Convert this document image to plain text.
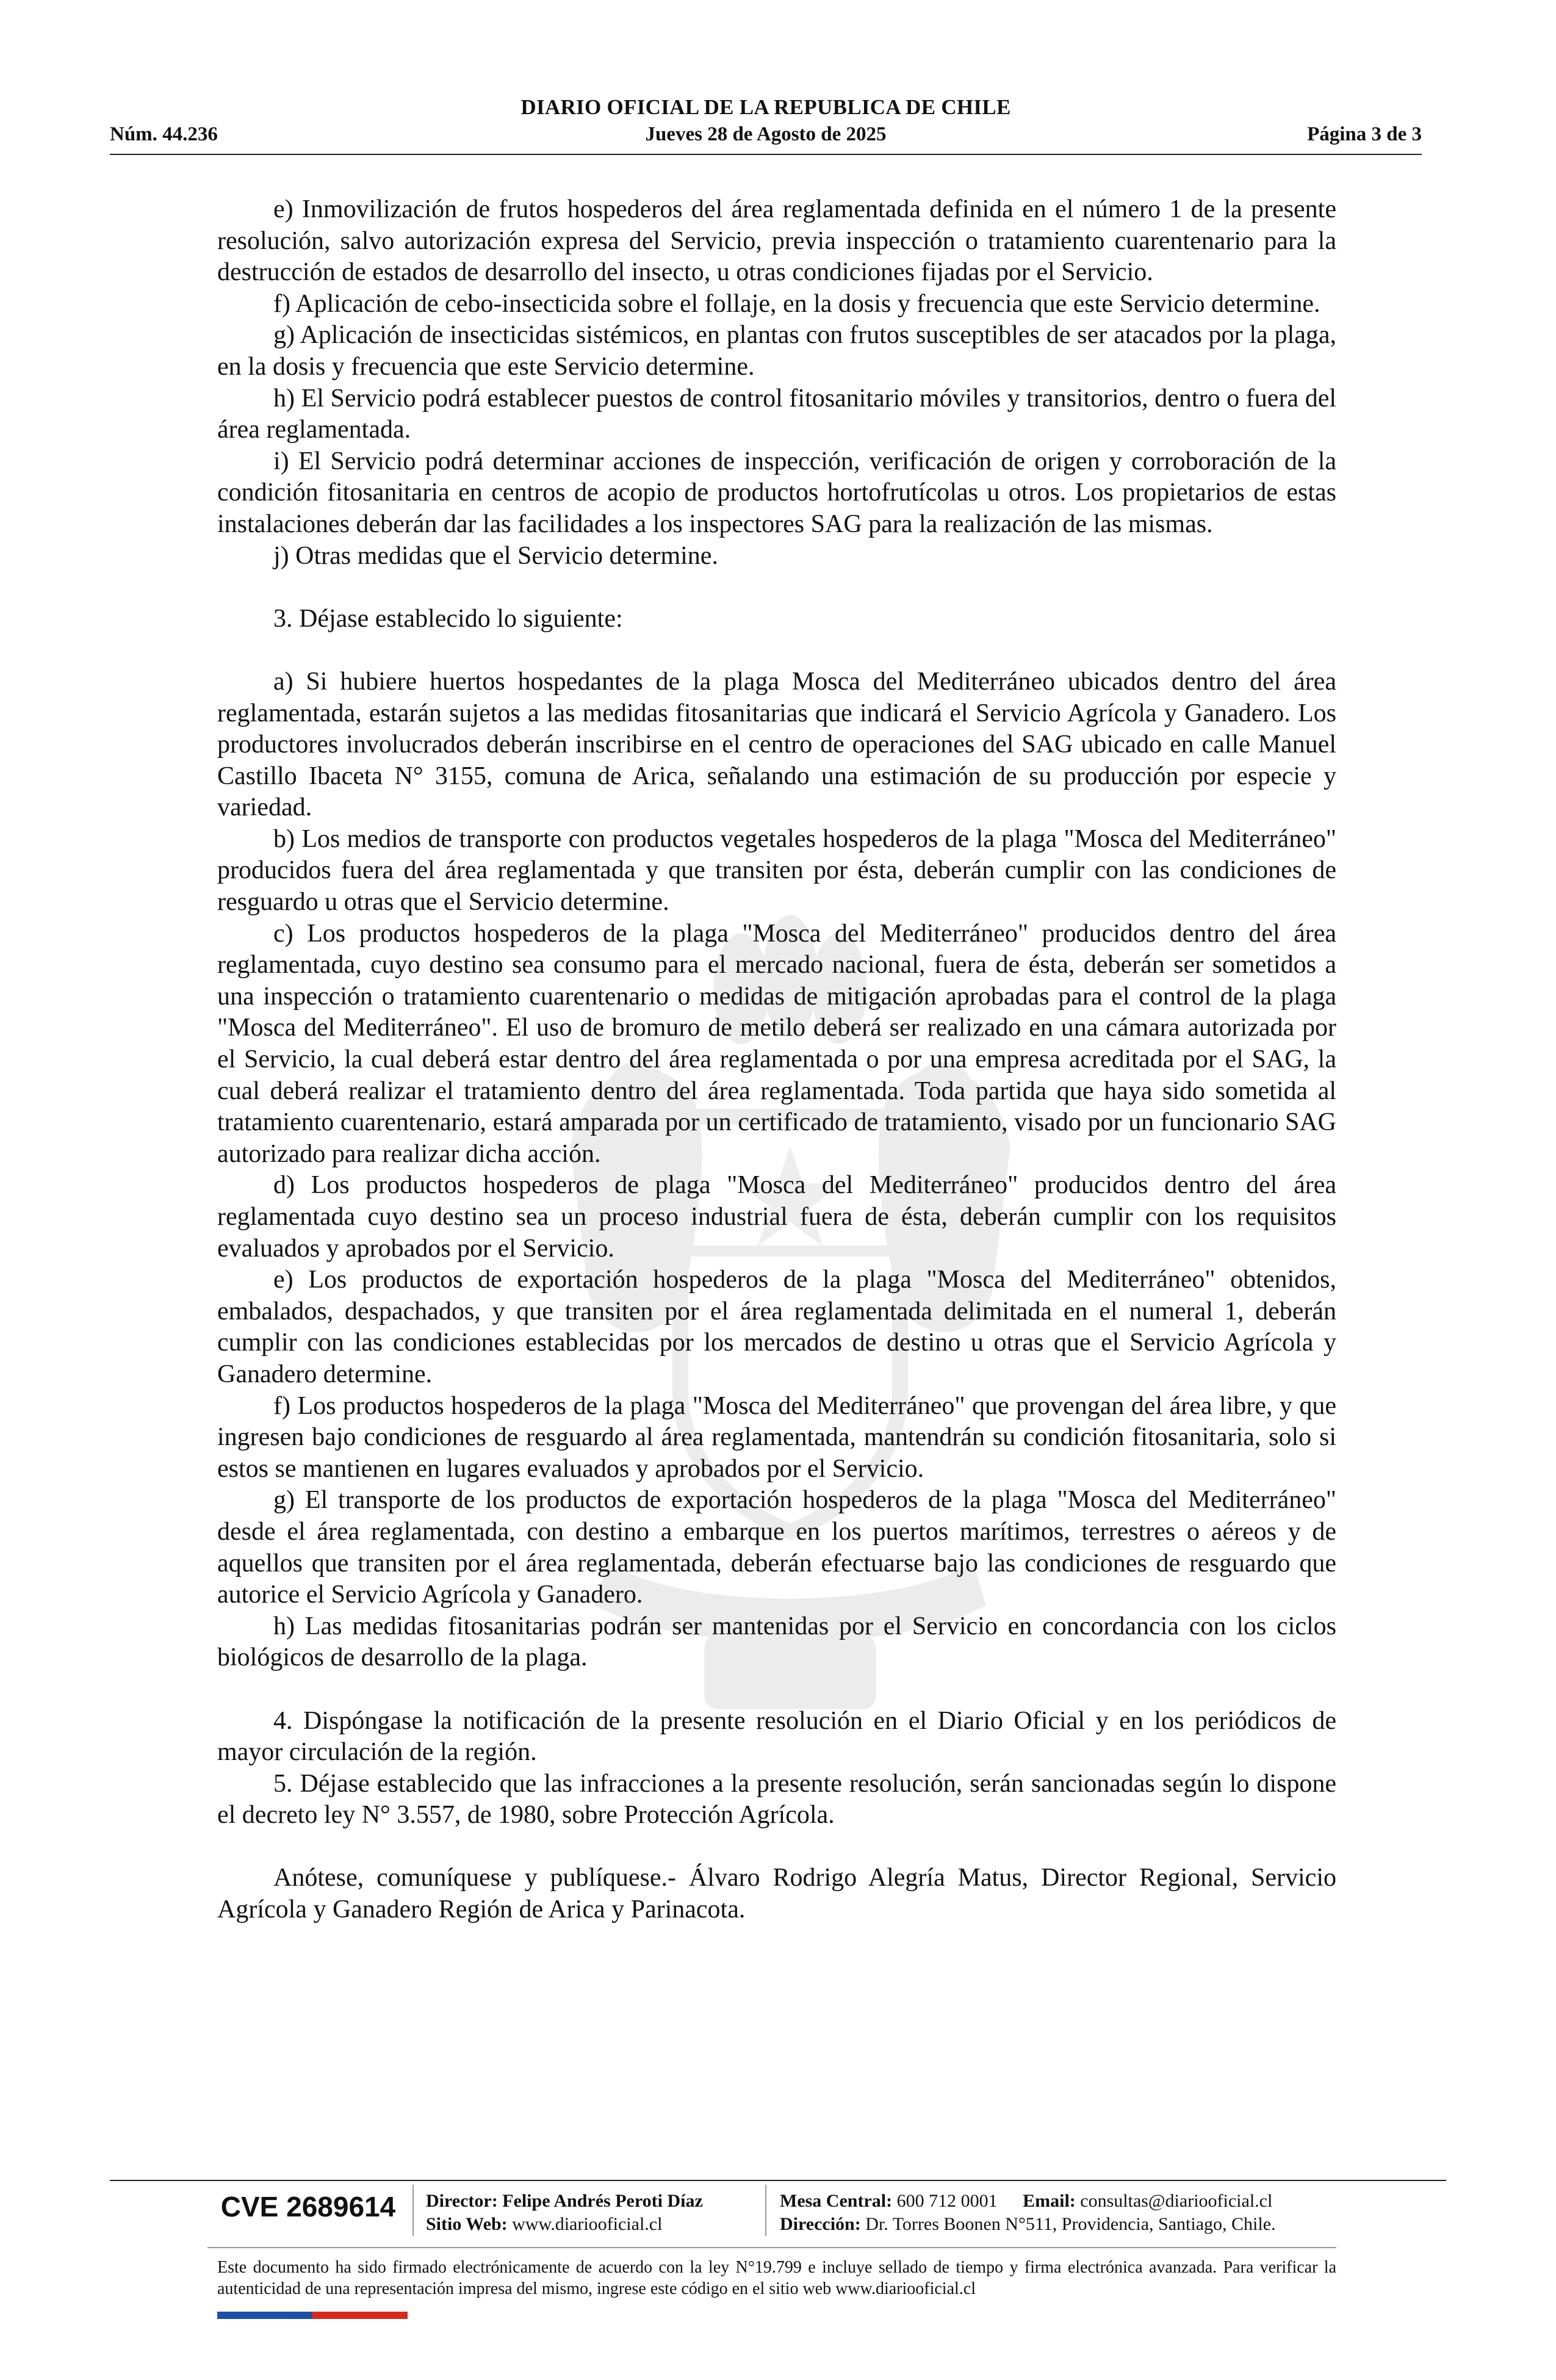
DIARIO OFICIAL DE LA REPUBLICA DE CHILE
Núm. 44.236	Jueves 28 de Agosto de 2025	Página 3 de 3

e) Inmovilización de frutos hospederos del área reglamentada definida en el número 1 de la presente resolución, salvo autorización expresa del Servicio, previa inspección o tratamiento cuarentenario para la destrucción de estados de desarrollo del insecto, u otras condiciones fijadas por el Servicio.

f) Aplicación de cebo-insecticida sobre el follaje, en la dosis y frecuencia que este Servicio determine.

g) Aplicación de insecticidas sistémicos, en plantas con frutos susceptibles de ser atacados por la plaga, en la dosis y frecuencia que este Servicio determine.

h) El Servicio podrá establecer puestos de control fitosanitario móviles y transitorios, dentro o fuera del área reglamentada.

i) El Servicio podrá determinar acciones de inspección, verificación de origen y corroboración de la condición fitosanitaria en centros de acopio de productos hortofrutícolas u otros. Los propietarios de estas instalaciones deberán dar las facilidades a los inspectores SAG para la realización de las mismas.

j) Otras medidas que el Servicio determine.

3. Déjase establecido lo siguiente:

a) Si hubiere huertos hospedantes de la plaga Mosca del Mediterráneo ubicados dentro del área reglamentada, estarán sujetos a las medidas fitosanitarias que indicará el Servicio Agrícola y Ganadero. Los productores involucrados deberán inscribirse en el centro de operaciones del SAG ubicado en calle Manuel Castillo Ibaceta N° 3155, comuna de Arica, señalando una estimación de su producción por especie y variedad.

b) Los medios de transporte con productos vegetales hospederos de la plaga "Mosca del Mediterráneo" producidos fuera del área reglamentada y que transiten por ésta, deberán cumplir con las condiciones de resguardo u otras que el Servicio determine.

c) Los productos hospederos de la plaga "Mosca del Mediterráneo" producidos dentro del área reglamentada, cuyo destino sea consumo para el mercado nacional, fuera de ésta, deberán ser sometidos a una inspección o tratamiento cuarentenario o medidas de mitigación aprobadas para el control de la plaga "Mosca del Mediterráneo". El uso de bromuro de metilo deberá ser realizado en una cámara autorizada por el Servicio, la cual deberá estar dentro del área reglamentada o por una empresa acreditada por el SAG, la cual deberá realizar el tratamiento dentro del área reglamentada. Toda partida que haya sido sometida al tratamiento cuarentenario, estará amparada por un certificado de tratamiento, visado por un funcionario SAG autorizado para realizar dicha acción.

d) Los productos hospederos de plaga "Mosca del Mediterráneo" producidos dentro del área reglamentada cuyo destino sea un proceso industrial fuera de ésta, deberán cumplir con los requisitos evaluados y aprobados por el Servicio.

e) Los productos de exportación hospederos de la plaga "Mosca del Mediterráneo" obtenidos, embalados, despachados, y que transiten por el área reglamentada delimitada en el numeral 1, deberán cumplir con las condiciones establecidas por los mercados de destino u otras que el Servicio Agrícola y Ganadero determine.

f) Los productos hospederos de la plaga "Mosca del Mediterráneo" que provengan del área libre, y que ingresen bajo condiciones de resguardo al área reglamentada, mantendrán su condición fitosanitaria, solo si estos se mantienen en lugares evaluados y aprobados por el Servicio.

g) El transporte de los productos de exportación hospederos de la plaga "Mosca del Mediterráneo" desde el área reglamentada, con destino a embarque en los puertos marítimos, terrestres o aéreos y de aquellos que transiten por el área reglamentada, deberán efectuarse bajo las condiciones de resguardo que autorice el Servicio Agrícola y Ganadero.

h) Las medidas fitosanitarias podrán ser mantenidas por el Servicio en concordancia con los ciclos biológicos de desarrollo de la plaga.

4. Dispóngase la notificación de la presente resolución en el Diario Oficial y en los periódicos de mayor circulación de la región.

5. Déjase establecido que las infracciones a la presente resolución, serán sancionadas según lo dispone el decreto ley N° 3.557, de 1980, sobre Protección Agrícola.

Anótese, comuníquese y publíquese.- Álvaro Rodrigo Alegría Matus, Director Regional, Servicio Agrícola y Ganadero Región de Arica y Parinacota.

CVE 2689614	Director: Felipe Andrés Peroti Díaz
Sitio Web: www.diariooficial.cl
Mesa Central: 600 712 0001 Email: consultas@diariooficial.cl
Dirección: Dr. Torres Boonen N°511, Providencia, Santiago, Chile.
Este documento ha sido firmado electrónicamente de acuerdo con la ley N°19.799 e incluye sellado de tiempo y firma electrónica avanzada. Para verificar la autenticidad de una representación impresa del mismo, ingrese este código en el sitio web www.diariooficial.cl
